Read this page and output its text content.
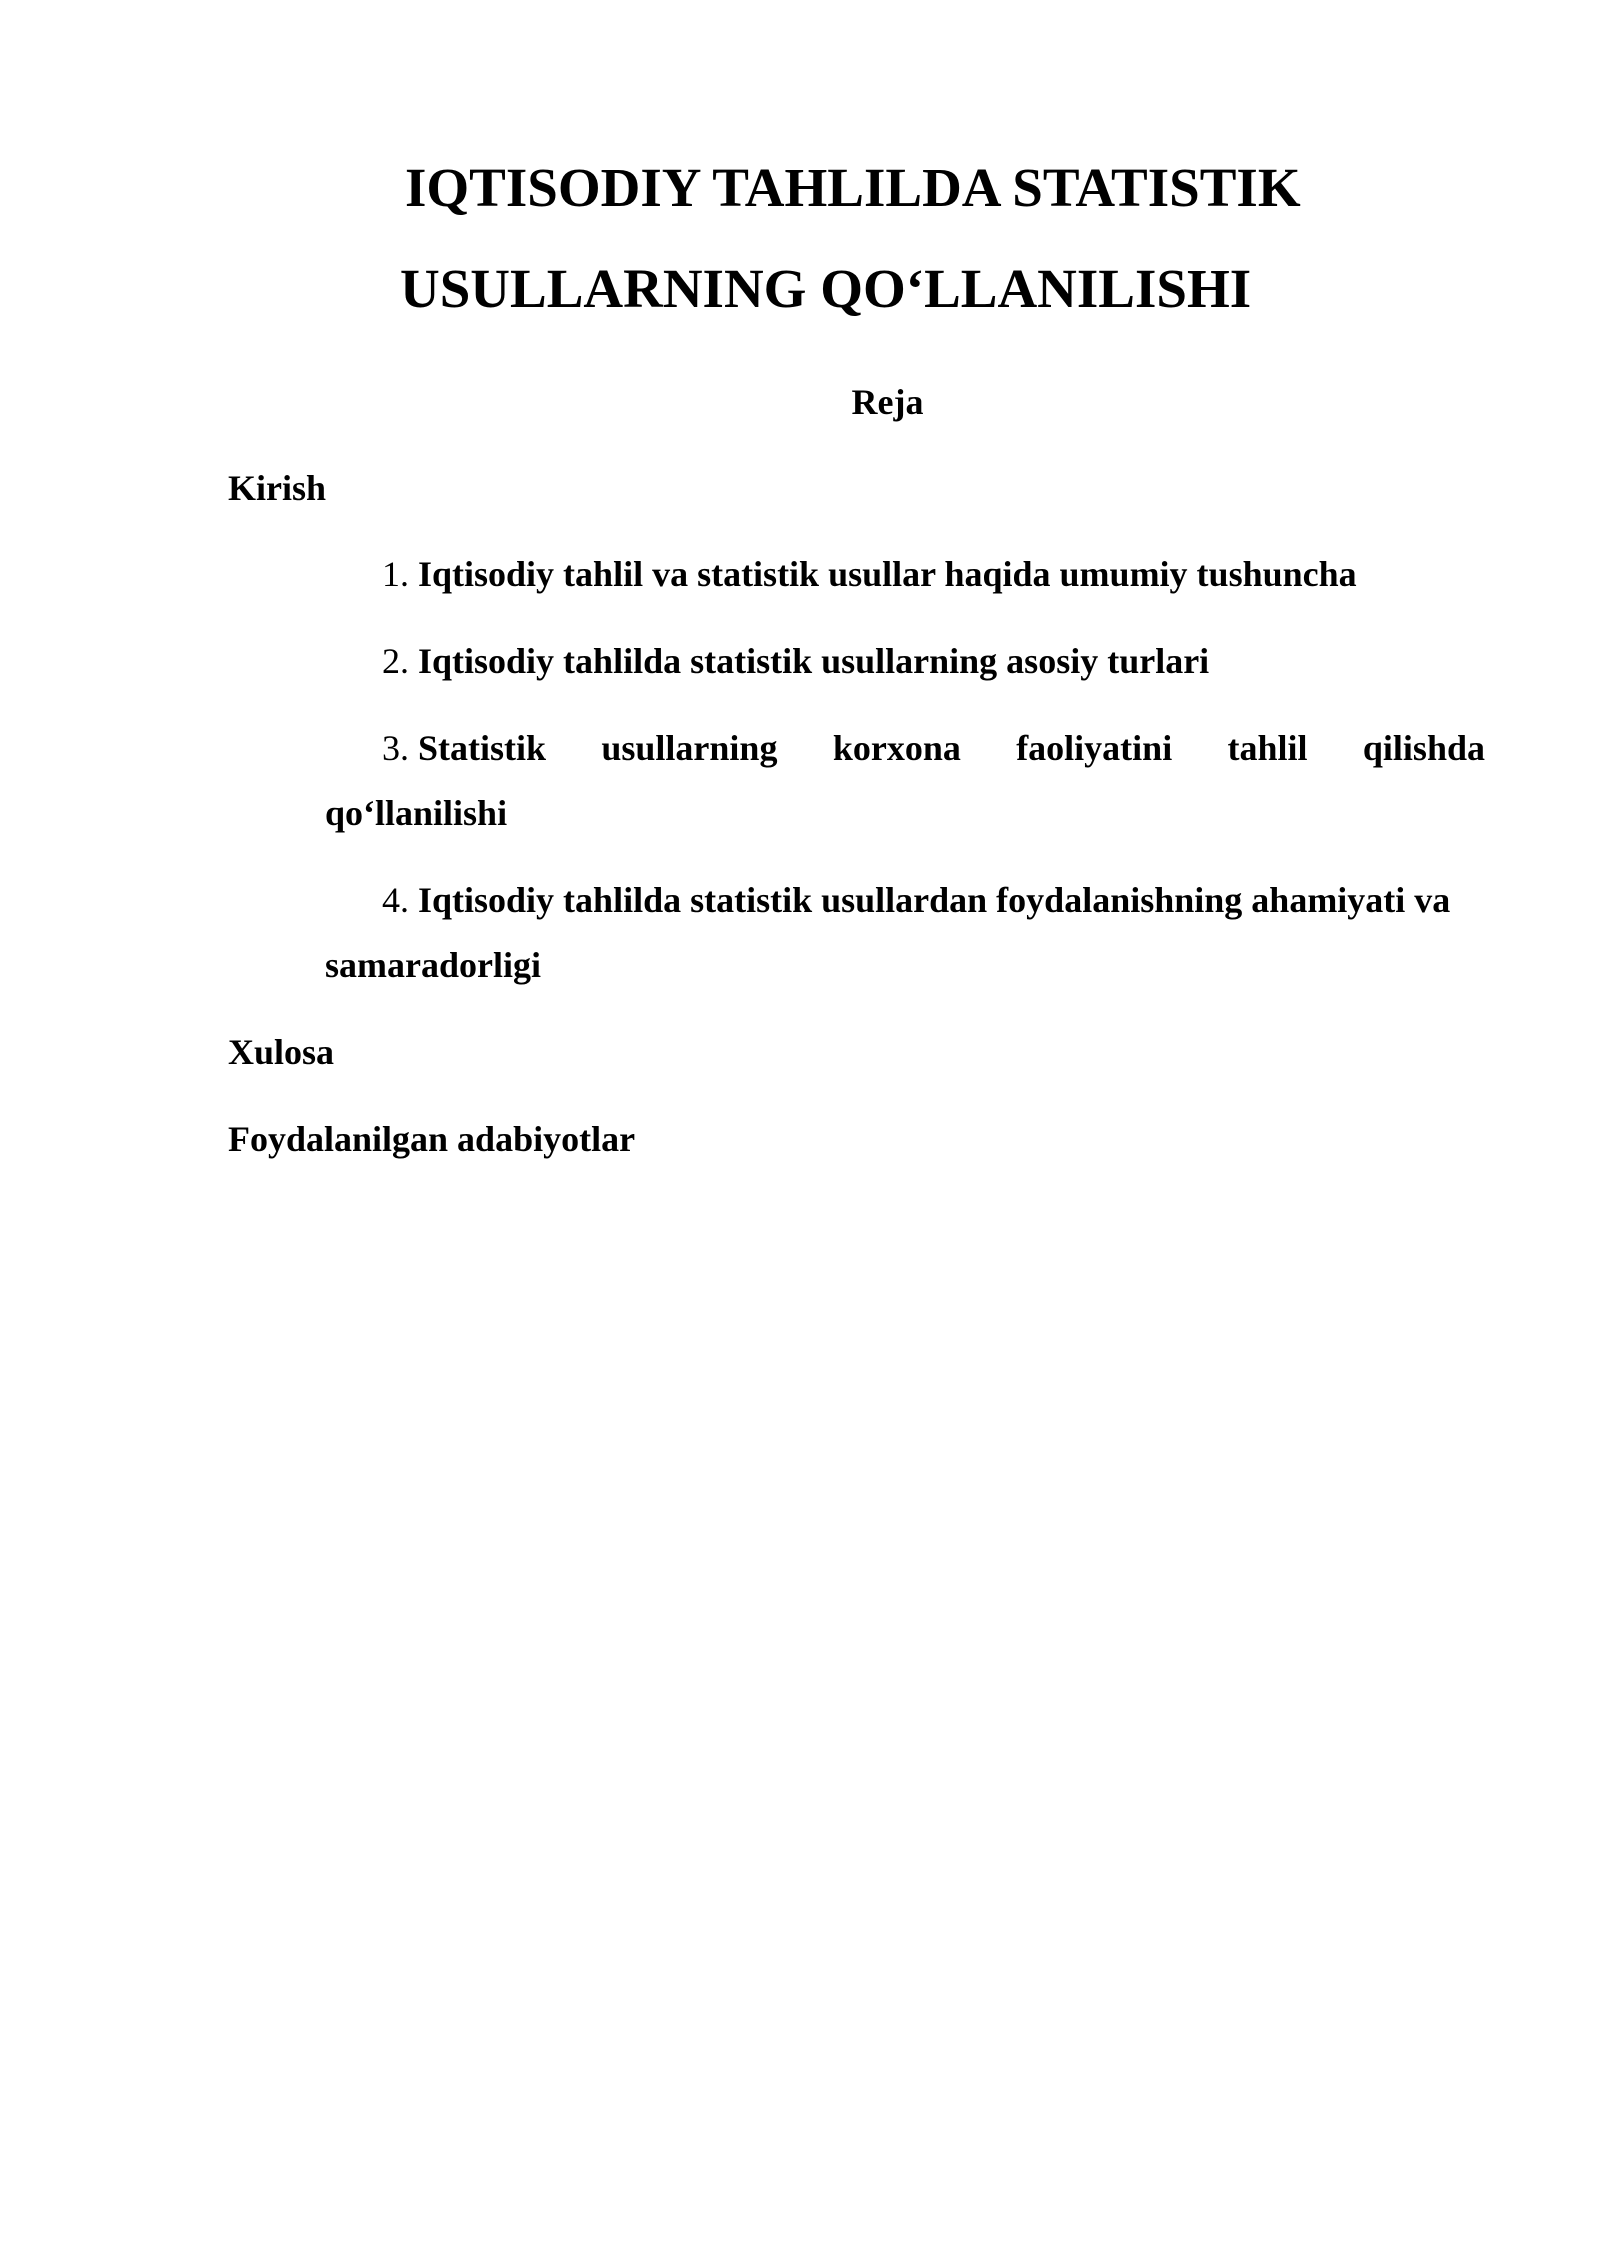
IQTISODIY TAHLILDA STATISTIK
USULLARNING QO‘LLANILISHI
Reja
Kirish
1. Iqtisodiy tahlil va statistik usullar haqida umumiy tushuncha
2. Iqtisodiy tahlilda statistik usullarning asosiy turlari
3. Statistik usullarning korxona faoliyatini tahlil qilishda
qo‘llanilishi
4. Iqtisodiy tahlilda statistik usullardan foydalanishning ahamiyati va
samaradorligi
Xulosa
Foydalanilgan adabiyotlar
